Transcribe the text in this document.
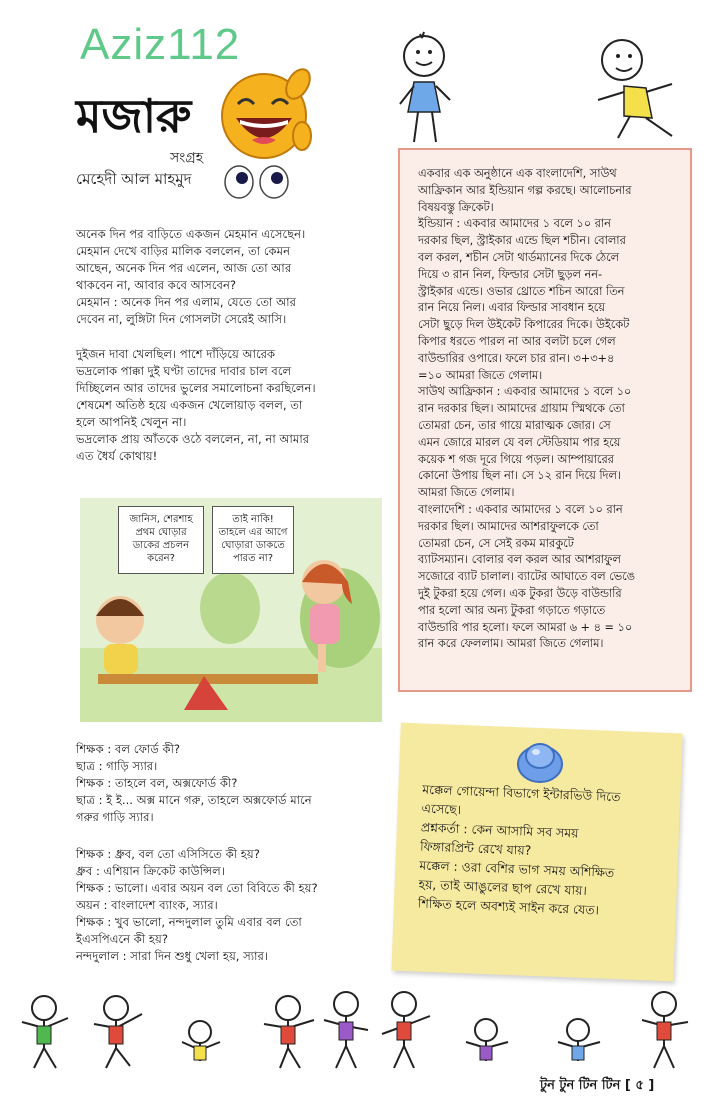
Aziz112
মজারু
সংগ্রহ
মেহেদী আল মাহমুদ

অনেক দিন পর বাড়িতে একজন মেহমান এসেছেন।
মেহমান দেখে বাড়ির মালিক বললেন, তা কেমন
আছেন, অনেক দিন পর এলেন, আজ তো আর
থাকবেন না, আবার কবে আসবেন?
মেহমান : অনেক দিন পর এলাম, যেতে তো আর
দেবেন না, লুঙ্গিটা দিন গোসলটা সেরেই আসি।

দুইজন দাবা খেলছিল। পাশে দাঁড়িয়ে আরেক
ভদ্রলোক পাক্কা দুই ঘণ্টা তাদের দাবার চাল বলে
দিচ্ছিলেন আর তাদের ভুলের সমালোচনা করছিলেন।
শেষমেশ অতিষ্ঠ হয়ে একজন খেলোয়াড় বলল, তা
হলে আপনিই খেলুন না।
ভদ্রলোক প্রায় আঁতকে ওঠে বললেন, না, না আমার
এত ধৈর্য কোথায়!

একবার এক অনুষ্ঠানে এক বাংলাদেশি, সাউথ
আফ্রিকান আর ইন্ডিয়ান গল্প করছে। আলোচনার
বিষয়বস্তু ক্রিকেট।
ইন্ডিয়ান : একবার আমাদের ১ বলে ১০ রান
দরকার ছিল, স্ট্রাইকার এন্ডে ছিল শচীন। বোলার
বল করল, শচীন সেটা থার্ডম্যানের দিকে ঠেলে
দিয়ে ৩ রান নিল, ফিল্ডার সেটা ছুড়ল নন-
স্ট্রাইকার এন্ডে। ওভার থ্রোতে শচিন আরো তিন
রান নিয়ে নিল। এবার ফিল্ডার সাবধান হয়ে
সেটা ছুড়ে দিল উইকেট কিপারের দিকে। উইকেট
কিপার ধরতে পারল না আর বলটা চলে গেল
বাউন্ডারির ওপারে। ফলে চার রান। ৩+৩+৪
=১০ আমরা জিতে গেলাম।
সাউথ আফ্রিকান : একবার আমাদের ১ বলে ১০
রান দরকার ছিল। আমাদের গ্রায়াম স্মিথকে তো
তোমরা চেন, তার গায়ে মারাত্মক জোর। সে
এমন জোরে মারল যে বল স্টেডিয়াম পার হয়ে
কয়েক শ গজ দূরে গিয়ে পড়ল। আম্পায়ারের
কোনো উপায় ছিল না। সে ১২ রান দিয়ে দিল।
আমরা জিতে গেলাম।
বাংলাদেশি : একবার আমাদের ১ বলে ১০ রান
দরকার ছিল। আমাদের আশরাফুলকে তো
তোমরা চেন, সে সেই রকম মারকুটে
ব্যাটসম্যান। বোলার বল করল আর আশরাফুল
সজোরে ব্যাট চালাল। ব্যাটের আঘাতে বল ভেঙে
দুই টুকরা হয়ে গেল। এক টুকরা উড়ে বাউন্ডারি
পার হলো আর অন্য টুকরা গড়াতে গড়াতে
বাউন্ডারি পার হলো। ফলে আমরা ৬ + ৪ = ১০
রান করে ফেললাম। আমরা জিতে গেলাম।

জানিস, শেরশাহ
প্রথম ঘোড়ার
ডাকের প্রচলন
করেন?
তাই নাকি!
তাহলে এর আগে
ঘোড়ারা ডাকতে
পারত না?

শিক্ষক : বল ফোর্ড কী?
ছাত্র : গাড়ি স্যার।
শিক্ষক : তাহলে বল, অক্সফোর্ড কী?
ছাত্র : ই ই... অক্স মানে গরু, তাহলে অক্সফোর্ড মানে
গরুর গাড়ি স্যার।

শিক্ষক : ধ্রুব, বল তো এসিসিতে কী হয়?
ধ্রুব : এশিয়ান ক্রিকেট কাউন্সিল।
শিক্ষক : ভালো। এবার অয়ন বল তো বিবিতে কী হয়?
অয়ন : বাংলাদেশ ব্যাংক, স্যার।
শিক্ষক : খুব ভালো, নন্দদুলাল তুমি এবার বল তো
ইএসপিএনে কী হয়?
নন্দদুলাল : সারা দিন শুধু খেলা হয়, স্যার।

মক্কেল গোয়েন্দা বিভাগে ইন্টারভিউ দিতে
এসেছে।
প্রশ্নকর্তা : কেন আসামি সব সময়
ফিঙ্গারপ্রিন্ট রেখে যায়?
মক্কেল : ওরা বেশির ভাগ সময় অশিক্ষিত
হয়, তাই আঙুলের ছাপ রেখে যায়।
শিক্ষিত হলে অবশ্যই সাইন করে যেত।

টুন টুন টিন টিন [ ৫ ]
